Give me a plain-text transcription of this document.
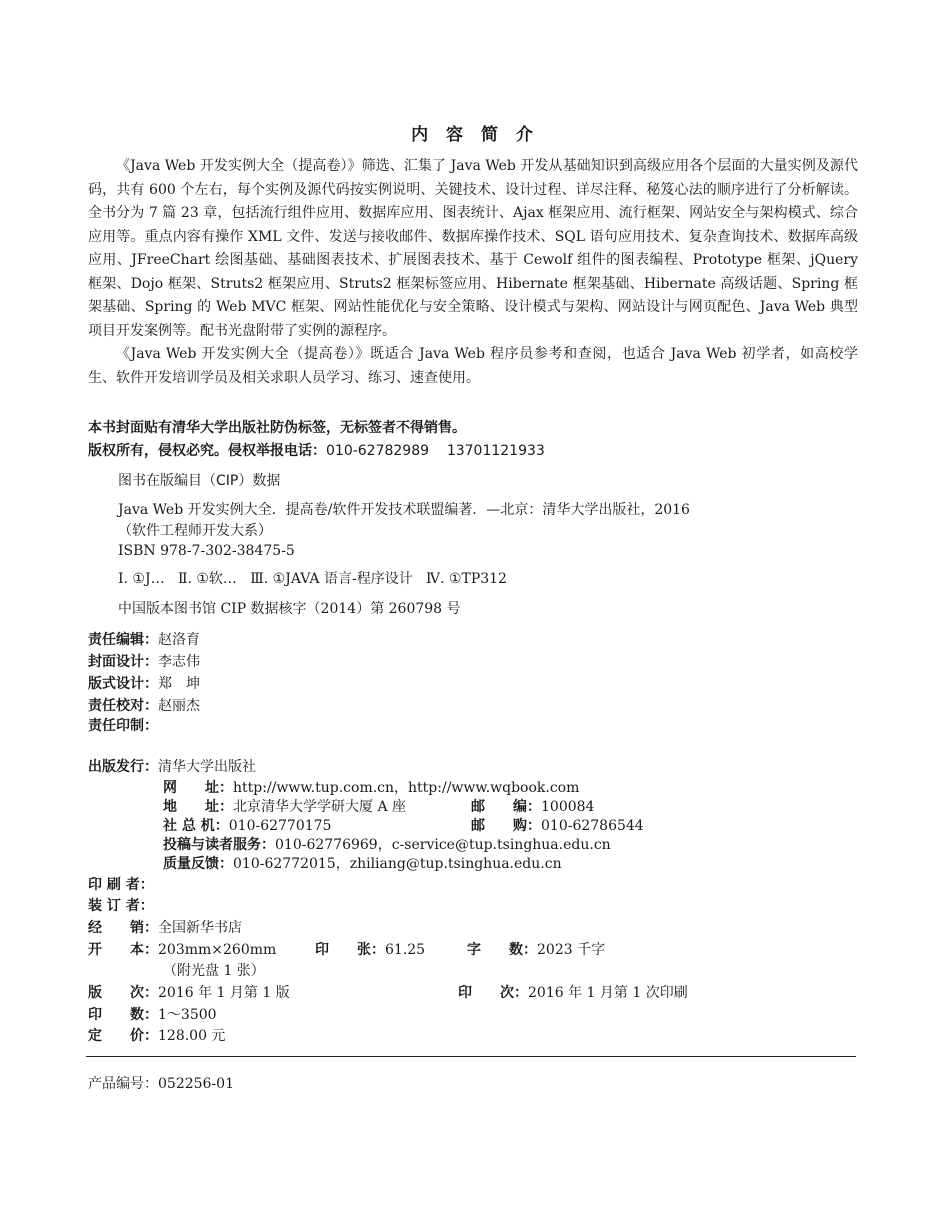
内 容 简 介

《Java Web 开发实例大全（提高卷）》筛选、汇集了 Java Web 开发从基础知识到高级应用各个层面的大量实例及源代码，共有 600 个左右，每个实例及源代码按实例说明、关键技术、设计过程、详尽注释、秘笈心法的顺序进行了分析解读。全书分为 7 篇 23 章，包括流行组件应用、数据库应用、图表统计、Ajax 框架应用、流行框架、网站安全与架构模式、综合应用等。重点内容有操作 XML 文件、发送与接收邮件、数据库操作技术、SQL 语句应用技术、复杂查询技术、数据库高级应用、JFreeChart 绘图基础、基础图表技术、扩展图表技术、基于 Cewolf 组件的图表编程、Prototype 框架、jQuery 框架、Dojo 框架、Struts2 框架应用、Struts2 框架标签应用、Hibernate 框架基础、Hibernate 高级话题、Spring 框架基础、Spring 的 Web MVC 框架、网站性能优化与安全策略、设计模式与架构、网站设计与网页配色、Java Web 典型项目开发案例等。配书光盘附带了实例的源程序。

《Java Web 开发实例大全（提高卷）》既适合 Java Web 程序员参考和查阅，也适合 Java Web 初学者，如高校学生、软件开发培训学员及相关求职人员学习、练习、速查使用。

本书封面贴有清华大学出版社防伪标签，无标签者不得销售。
版权所有，侵权必究。侵权举报电话：010-62782989    13701121933
图书在版编目（CIP）数据
Java Web 开发实例大全．提高卷/软件开发技术联盟编著．—北京：清华大学出版社，2016
（软件工程师开发大系）
ISBN 978-7-302-38475-5
Ⅰ. ①J…   Ⅱ. ①软…   Ⅲ. ①JAVA 语言-程序设计   Ⅳ. ①TP312
中国版本图书馆 CIP 数据核字（2014）第 260798 号
责任编辑：赵洛育
封面设计：李志伟
版式设计：郑　坤
责任校对：赵丽杰
责任印制：
出版发行：清华大学出版社
网　　址：http://www.tup.com.cn，http://www.wqbook.com
地　　址：北京清华大学学研大厦 A 座	邮　　编：100084
社 总 机：010-62770175	邮　　购：010-62786544
投稿与读者服务：010-62776969，c-service@tup.tsinghua.edu.cn
质量反馈：010-62772015，zhiliang@tup.tsinghua.edu.cn
印 刷 者：
装 订 者：
经　　销：全国新华书店
开　　本：203mm×260mm	印　　张：61.25	字　　数：2023 千字
（附光盘 1 张）
版　　次：2016 年 1 月第 1 版	印　　次：2016 年 1 月第 1 次印刷
印　　数：1～3500
定　　价：128.00 元
产品编号：052256-01
